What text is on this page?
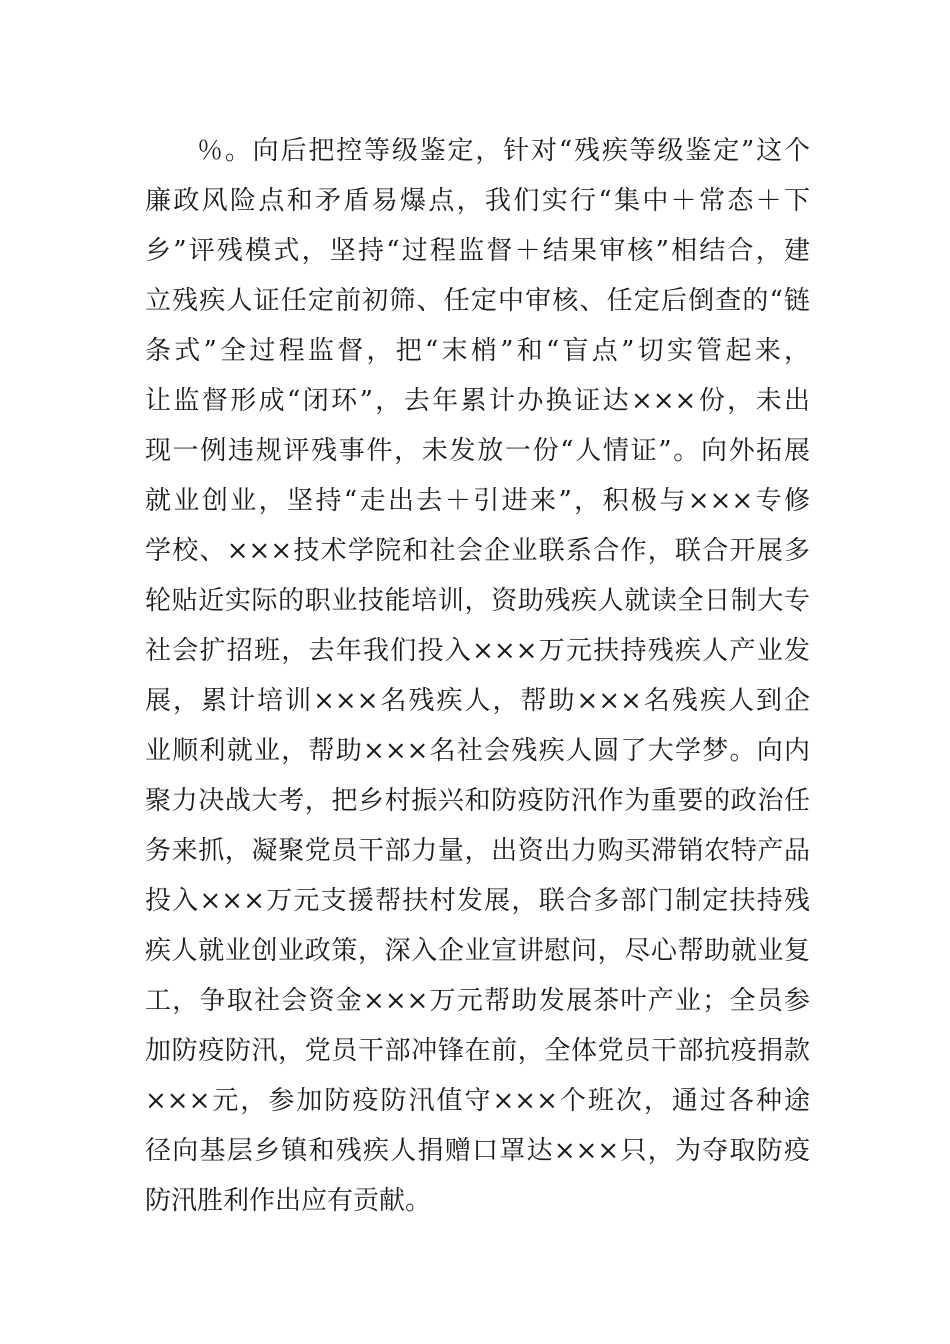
％。向后把控等级鉴定，针对“残疾等级鉴定”这个
廉政风险点和矛盾易爆点，我们实行“集中＋常态＋下
乡”评残模式，坚持“过程监督＋结果审核”相结合，建
立残疾人证任定前初筛、任定中审核、任定后倒查的“链
条式”全过程监督，把“末梢”和“盲点”切实管起来，
让监督形成“闭环”，去年累计办换证达×××份，未出
现一例违规评残事件，未发放一份“人情证”。向外拓展
就业创业，坚持“走出去＋引进来”，积极与×××专修
学校、×××技术学院和社会企业联系合作，联合开展多
轮贴近实际的职业技能培训，资助残疾人就读全日制大专
社会扩招班，去年我们投入×××万元扶持残疾人产业发
展，累计培训×××名残疾人，帮助×××名残疾人到企
业顺利就业，帮助×××名社会残疾人圆了大学梦。向内
聚力决战大考，把乡村振兴和防疫防汛作为重要的政治任
务来抓，凝聚党员干部力量，出资出力购买滞销农特产品
投入×××万元支援帮扶村发展，联合多部门制定扶持残
疾人就业创业政策，深入企业宣讲慰问，尽心帮助就业复
工，争取社会资金×××万元帮助发展茶叶产业；全员参
加防疫防汛，党员干部冲锋在前，全体党员干部抗疫捐款
×××元，参加防疫防汛值守×××个班次，通过各种途
径向基层乡镇和残疾人捐赠口罩达×××只，为夺取防疫
防汛胜利作出应有贡献。
